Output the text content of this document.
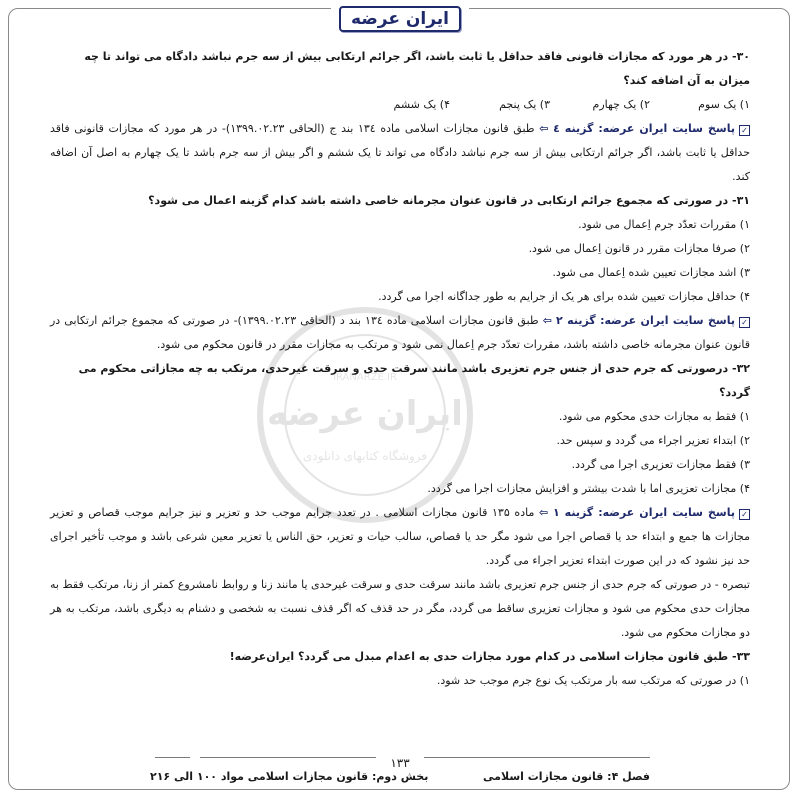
ایران عرضه
ایران عرضه
فروشگاه کتابهای دانلودی
IRANARZE.IR

۳۰- در هر مورد که مجازات قانونی فاقد حداقل یا ثابت باشد، اگر جرائم ارتکابی بیش از سه جرم نباشد دادگاه می تواند تا چه میزان به آن اضافه کند؟

۱) یک سوم
۲) یک چهارم
۳) یک پنجم
۴) یک ششم

✓پاسخ سایت ایران عرضه: گزینه ٤ ⇦ طبق قانون مجازات اسلامی ماده ۱۳٤ بند ج (الحاقی ۱۳۹۹.۰۲.۲۳)- در هر مورد که مجازات قانونی فاقد حداقل یا ثابت باشد، اگر جرائم ارتکابی بیش از سه جرم نباشد دادگاه می تواند تا یک ششم و اگر بیش از سه جرم باشد تا یک چهارم به اصل آن اضافه کند.

۳۱- در صورتی که مجموع جرائم ارتکابی در قانون عنوان مجرمانه خاصی داشته باشد کدام گزینه اعمال می شود؟

۱) مقررات تعدّد جرم اِعمال می شود.

۲) صرفا مجازات مقرر در قانون اِعمال می شود.

۳) اشد مجازات تعیین شده اِعمال می شود.

۴) حداقل مجازات تعیین شده برای هر یک از جرایم به طور جداگانه اجرا می گردد.

✓پاسخ سایت ایران عرضه: گزینه ۲ ⇦ طبق قانون مجازات اسلامی ماده ۱۳٤ بند د (الحاقی ۱۳۹۹.۰۲.۲۳)- در صورتی که مجموع جرائم ارتکابی در قانون عنوان مجرمانه خاصی داشته باشد، مقررات تعدّد جرم اِعمال نمی شود و مرتکب به مجازات مقرر در قانون محکوم می شود.

۳۲- درصورتی که جرم حدی از جنس جرم تعزیری باشد مانند سرقت حدی و سرقت غیرحدی، مرتکب به چه مجازاتی محکوم می گردد؟

۱) فقط به مجازات حدی محکوم می شود.

۲) ابتداء تعزیر اجراء می گردد و سپس حد.

۳) فقط مجازات تعزیری اجرا می گردد.

۴) مجازات تعزیری اما با شدت بیشتر و افزایش مجازات اجرا می گردد.

✓پاسخ سایت ایران عرضه: گزینه ۱ ⇦ ماده ۱۳۵ قانون مجازات اسلامی . در تعدد جرایم موجب حد و تعزیر و نیز جرایم موجب قصاص و تعزیر مجازات ها جمع و ابتداء حد یا قصاص اجرا می شود مگر حد یا قصاص، سالب حیات و تعزیر، حق الناس یا تعزیر معین شرعی باشد و موجب تأخیر اجرای حد نیز نشود که در این صورت ابتداء تعزیر اجراء می گردد.

تبصره - در صورتی که جرم حدی از جنس جرم تعزیری باشد مانند سرقت حدی و سرقت غیرحدی یا مانند زنا و روابط نامشروع کمتر از زنا، مرتکب فقط به مجازات حدی محکوم می شود و مجازات تعزیری ساقط می گردد، مگر در حد قذف که اگر قذف نسبت به شخصی و دشنام به دیگری باشد، مرتکب به هر دو مجازات محکوم می شود.

۳۳- طبق قانون مجازات اسلامی در کدام مورد مجازات حدی به اعدام مبدل می گردد؟ ایران‌عرضه!

۱) در صورتی که مرتکب سه بار مرتکب یک نوع جرم موجب حد شود.

۱۳۳
فصل ۴: قانون مجازات اسلامی
بخش دوم: قانون مجازات اسلامی مواد ۱۰۰ الی ۲۱۶
